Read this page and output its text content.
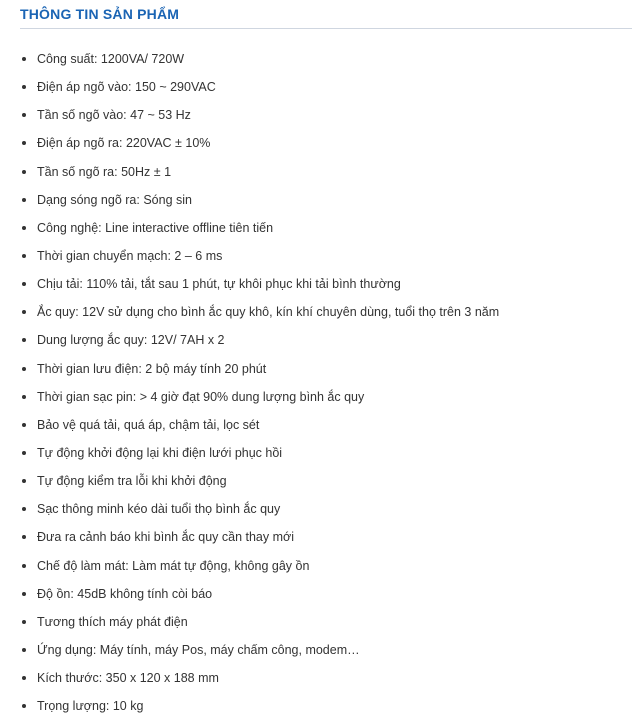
THÔNG TIN SẢN PHẨM
Công suất: 1200VA/ 720W
Điện áp ngõ vào: 150 ~ 290VAC
Tần số ngõ vào: 47 ~ 53 Hz
Điện áp ngõ ra: 220VAC ± 10%
Tần số ngõ ra: 50Hz ± 1
Dạng sóng ngõ ra: Sóng sin
Công nghệ: Line interactive offline tiên tiến
Thời gian chuyển mạch: 2 – 6 ms
Chịu tải: 110% tải, tắt sau 1 phút, tự khôi phục khi tải bình thường
Ắc quy: 12V sử dụng cho bình ắc quy khô, kín khí chuyên dùng, tuổi thọ trên 3 năm
Dung lượng ắc quy: 12V/ 7AH x 2
Thời gian lưu điện: 2 bộ máy tính 20 phút
Thời gian sạc pin: > 4 giờ đạt 90% dung lượng bình ắc quy
Bảo vệ quá tải, quá áp, chậm tải, lọc sét
Tự động khởi động lại khi điện lưới phục hồi
Tự động kiểm tra lỗi khi khởi động
Sạc thông minh kéo dài tuổi thọ bình ắc quy
Đưa ra cảnh báo khi bình ắc quy cần thay mới
Chế độ làm mát: Làm mát tự động, không gây ồn
Độ ồn: 45dB không tính còi báo
Tương thích máy phát điện
Ứng dụng: Máy tính, máy Pos, máy chấm công, modem…
Kích thước: 350 x 120 x 188 mm
Trọng lượng: 10 kg
